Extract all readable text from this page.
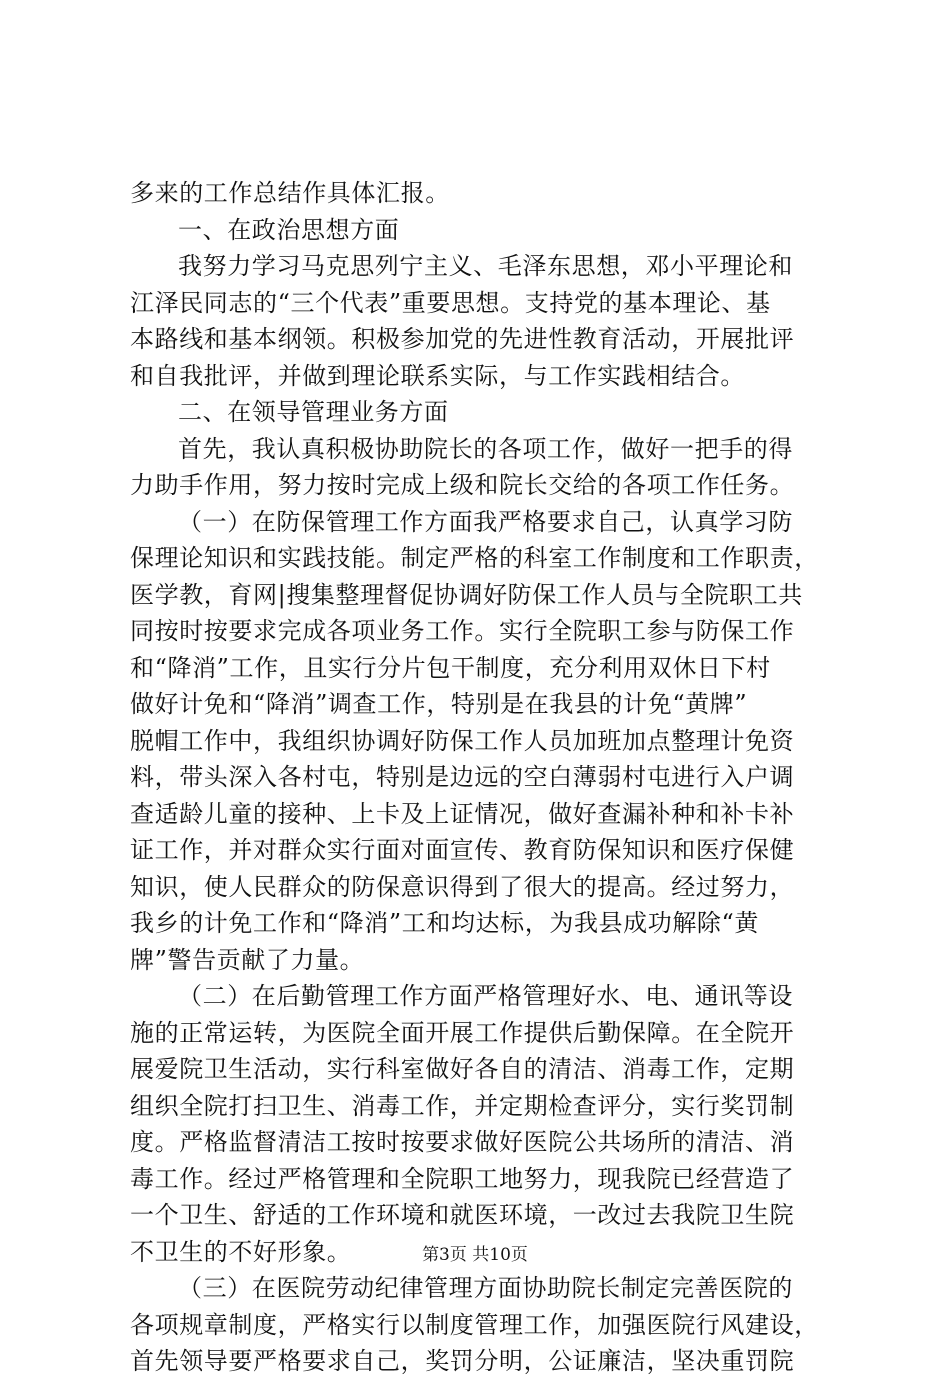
多来的工作总结作具体汇报。
一、在政治思想方面
我努力学习马克思列宁主义、毛泽东思想，邓小平理论和
江泽民同志的“三个代表”重要思想。支持党的基本理论、基
本路线和基本纲领。积极参加党的先进性教育活动，开展批评
和自我批评，并做到理论联系实际，与工作实践相结合。
二、在领导管理业务方面
首先，我认真积极协助院长的各项工作，做好一把手的得
力助手作用，努力按时完成上级和院长交给的各项工作任务。
（一）在防保管理工作方面我严格要求自己，认真学习防
保理论知识和实践技能。制定严格的科室工作制度和工作职责，
医学教，育网|搜集整理督促协调好防保工作人员与全院职工共
同按时按要求完成各项业务工作。实行全院职工参与防保工作
和“降消”工作，且实行分片包干制度，充分利用双休日下村
做好计免和“降消”调查工作，特别是在我县的计免“黄牌”
脱帽工作中，我组织协调好防保工作人员加班加点整理计免资
料，带头深入各村屯，特别是边远的空白薄弱村屯进行入户调
查适龄儿童的接种、上卡及上证情况，做好查漏补种和补卡补
证工作，并对群众实行面对面宣传、教育防保知识和医疗保健
知识，使人民群众的防保意识得到了很大的提高。经过努力，
我乡的计免工作和“降消”工和均达标，为我县成功解除“黄
牌”警告贡献了力量。
（二）在后勤管理工作方面严格管理好水、电、通讯等设
施的正常运转，为医院全面开展工作提供后勤保障。在全院开
展爱院卫生活动，实行科室做好各自的清洁、消毒工作，定期
组织全院打扫卫生、消毒工作，并定期检查评分，实行奖罚制
度。严格监督清洁工按时按要求做好医院公共场所的清洁、消
毒工作。经过严格管理和全院职工地努力，现我院已经营造了
一个卫生、舒适的工作环境和就医环境，一改过去我院卫生院
不卫生的不好形象。
（三）在医院劳动纪律管理方面协助院长制定完善医院的
各项规章制度，严格实行以制度管理工作，加强医院行风建设，
首先领导要严格要求自己，奖罚分明，公证廉洁，坚决重罚院
第3页 共10页
